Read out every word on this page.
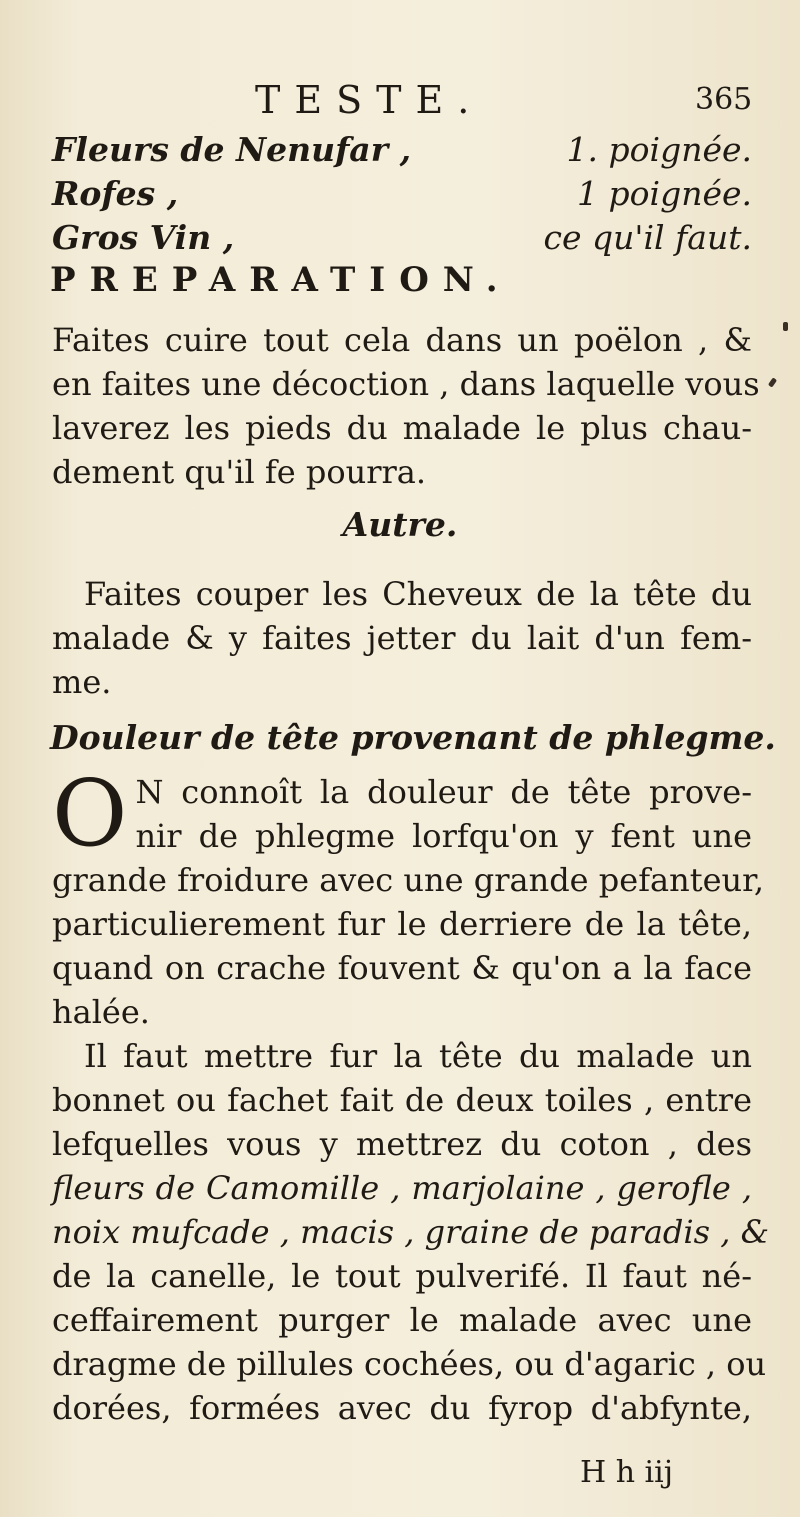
TESTE.	365
Fleurs de Nenufar ,	1. poignée.
Rofes ,	1 poignée.
Gros Vin ,	ce qu'il faut.
PREPARATION.
Faites cuire tout cela dans un poëlon , &
en faites une décoction , dans laquelle vous
laverez les pieds du malade le plus chau-
dement qu'il fe pourra.
Autre.
Faites couper les Cheveux de la tête du
malade & y faites jetter du lait d'un fem-
me.
Douleur de tête provenant de phlegme.
O N connoît la douleur de tête prove-
nir de phlegme lorfqu'on y fent une
grande froidure avec une grande pefanteur,
particulierement fur le derriere de la tête,
quand on crache fouvent & qu'on a la face
halée.
Il faut mettre fur la tête du malade un
bonnet ou fachet fait de deux toiles , entre
lefquelles vous y mettrez du coton , des
fleurs de Camomille , marjolaine , gerofle ,
noix mufcade , macis , graine de paradis , &
de la canelle, le tout pulverifé. Il faut né-
ceffairement purger le malade avec une
dragme de pillules cochées, ou d'agaric , ou
dorées, formées avec du fyrop d'abfynte,
H h iij
